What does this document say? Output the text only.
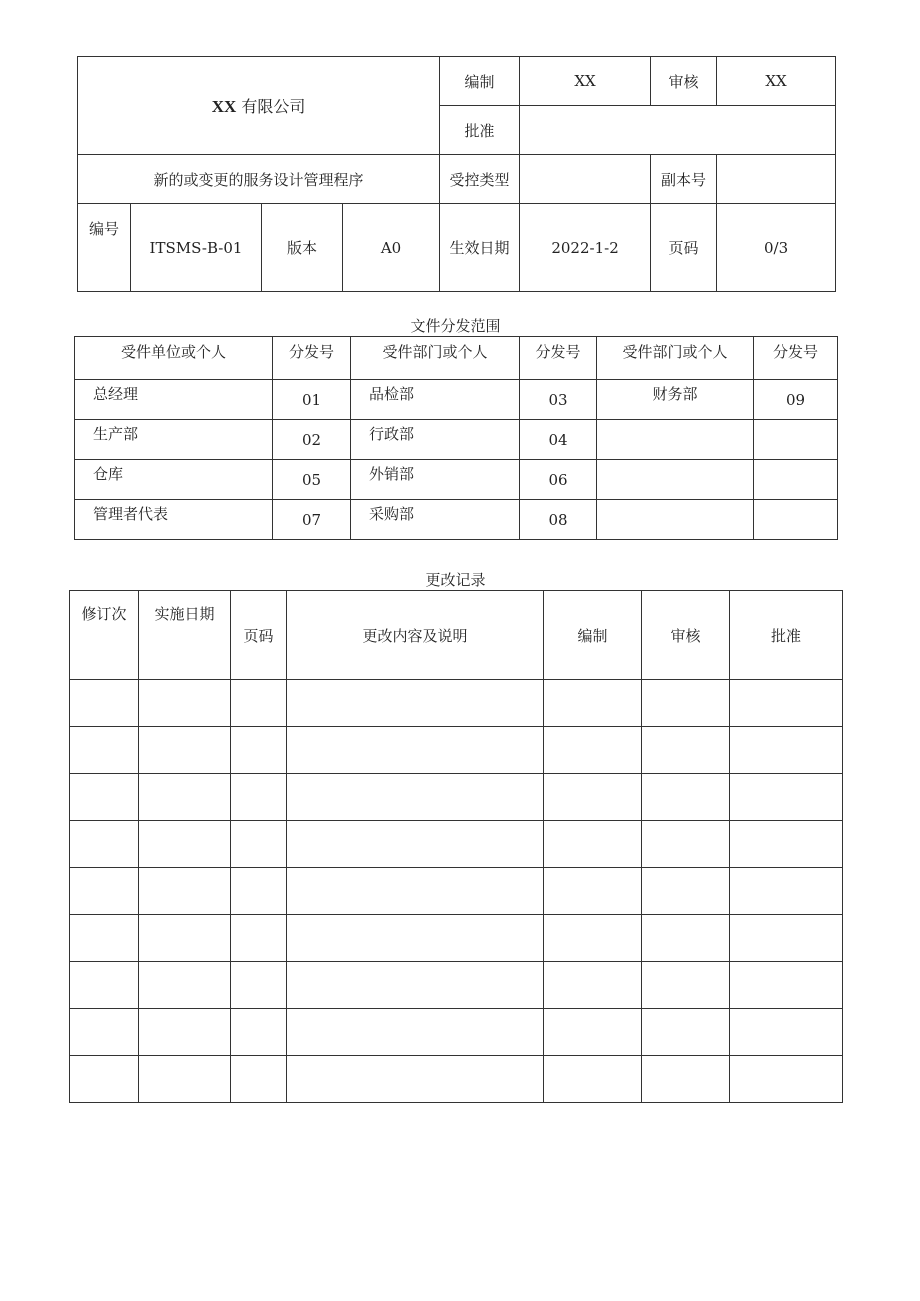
XX 有限公司				编制	XX	审核	XX
				批准			
新的或变更的服务设计管理程序				受控类型		副本号	
编号	ITSMS-B-01	版本	A0	生效日期	2022-1-2	页码	0/3
文件分发范围
受件单位或个人	分发号	受件部门或个人	分发号	受件部门或个人	分发号
总经理	01	品检部	03	财务部	09
生产部	02	行政部	04		
仓库	05	外销部	06		
管理者代表	07	采购部	08		
更改记录
修订次	实施日期	页码	更改内容及说明	编制	审核	批准
